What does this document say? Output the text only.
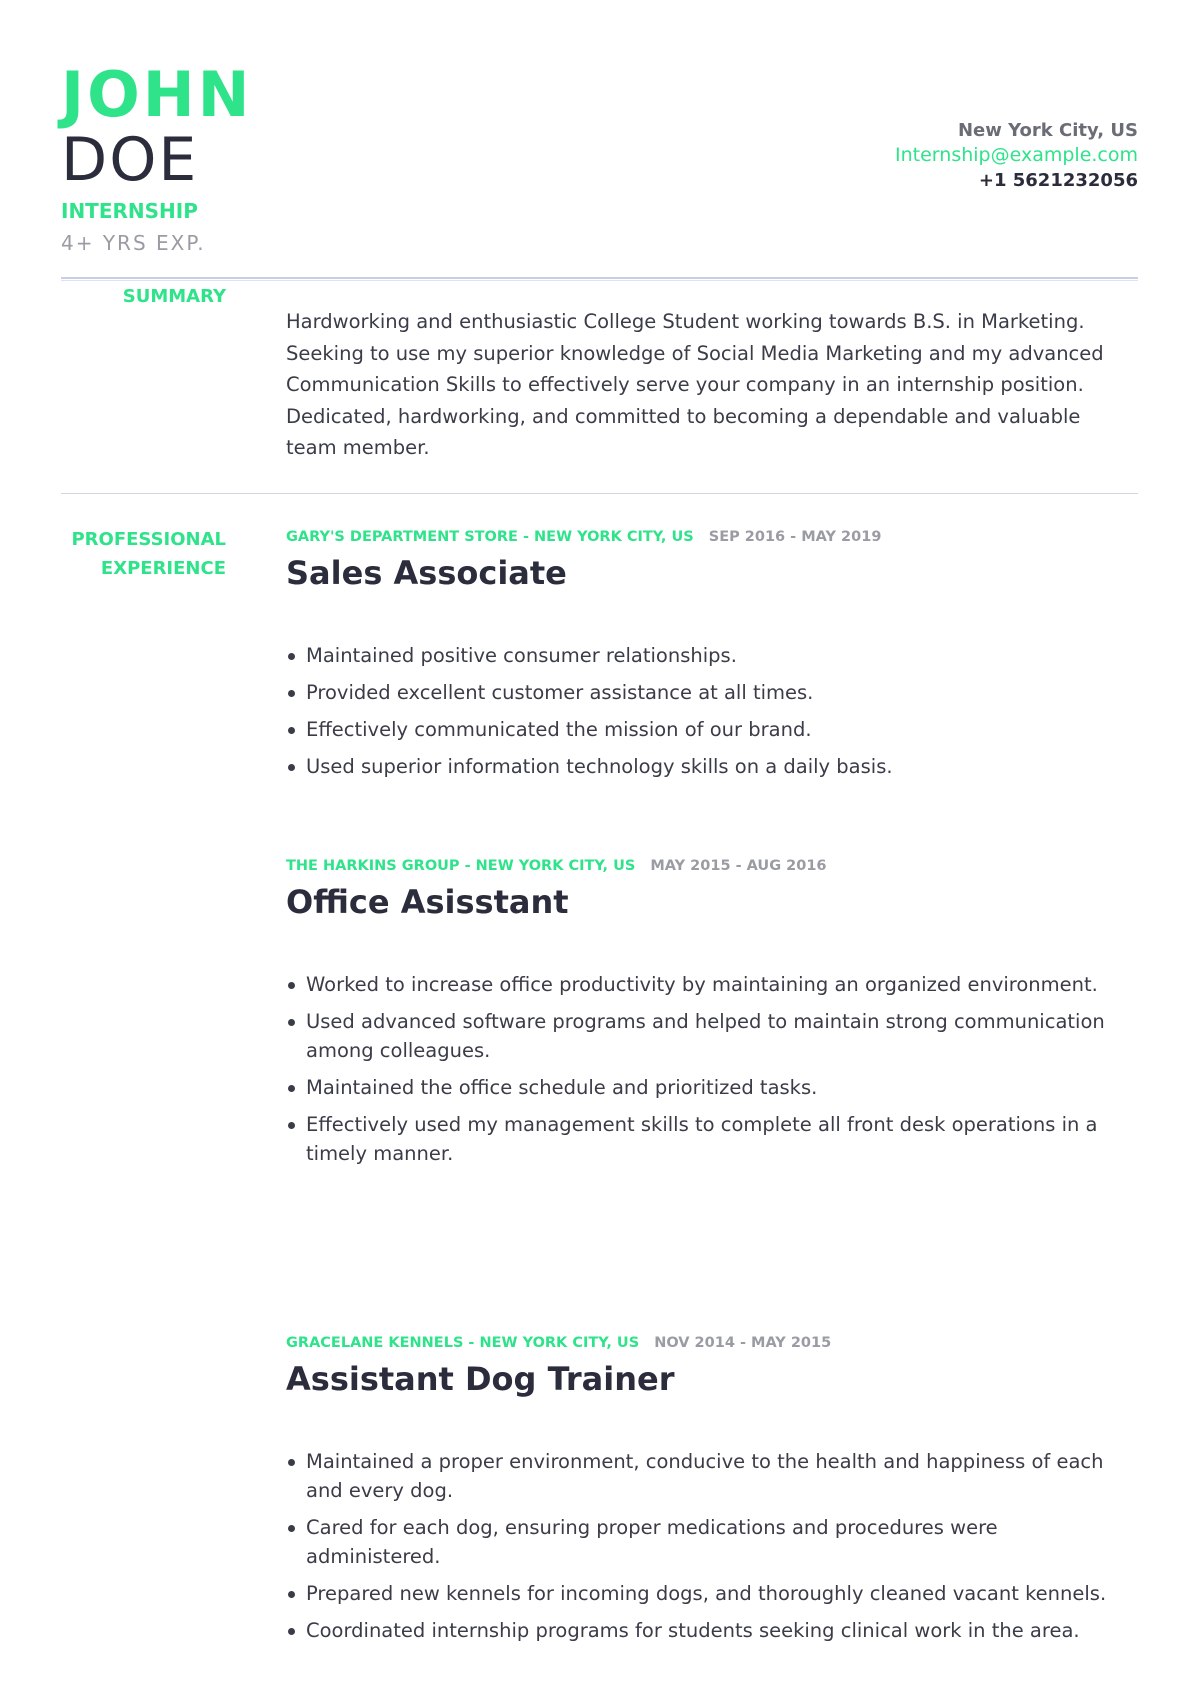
JOHN
DOE
INTERNSHIP
4+ YRS EXP.
New York City, US
Internship@example.com
+1 5621232056
SUMMARY
Hardworking and enthusiastic College Student working towards B.S. in Marketing. Seeking to use my superior knowledge of Social Media Marketing and my advanced Communication Skills to effectively serve your company in an internship position. Dedicated, hardworking, and committed to becoming a dependable and valuable team member.
PROFESSIONAL
EXPERIENCE
GARY'S DEPARTMENT STORE - NEW YORK CITY, US SEP 2016 - MAY 2019
Sales Associate
Maintained positive consumer relationships.
Provided excellent customer assistance at all times.
Effectively communicated the mission of our brand.
Used superior information technology skills on a daily basis.
THE HARKINS GROUP - NEW YORK CITY, US MAY 2015 - AUG 2016
Office Asisstant
Worked to increase office productivity by maintaining an organized environment.
Used advanced software programs and helped to maintain strong communication among colleagues.
Maintained the office schedule and prioritized tasks.
Effectively used my management skills to complete all front desk operations in a timely manner.
GRACELANE KENNELS - NEW YORK CITY, US NOV 2014 - MAY 2015
Assistant Dog Trainer
Maintained a proper environment, conducive to the health and happiness of each and every dog.
Cared for each dog, ensuring proper medications and procedures were administered.
Prepared new kennels for incoming dogs, and thoroughly cleaned vacant kennels.
Coordinated internship programs for students seeking clinical work in the area.
